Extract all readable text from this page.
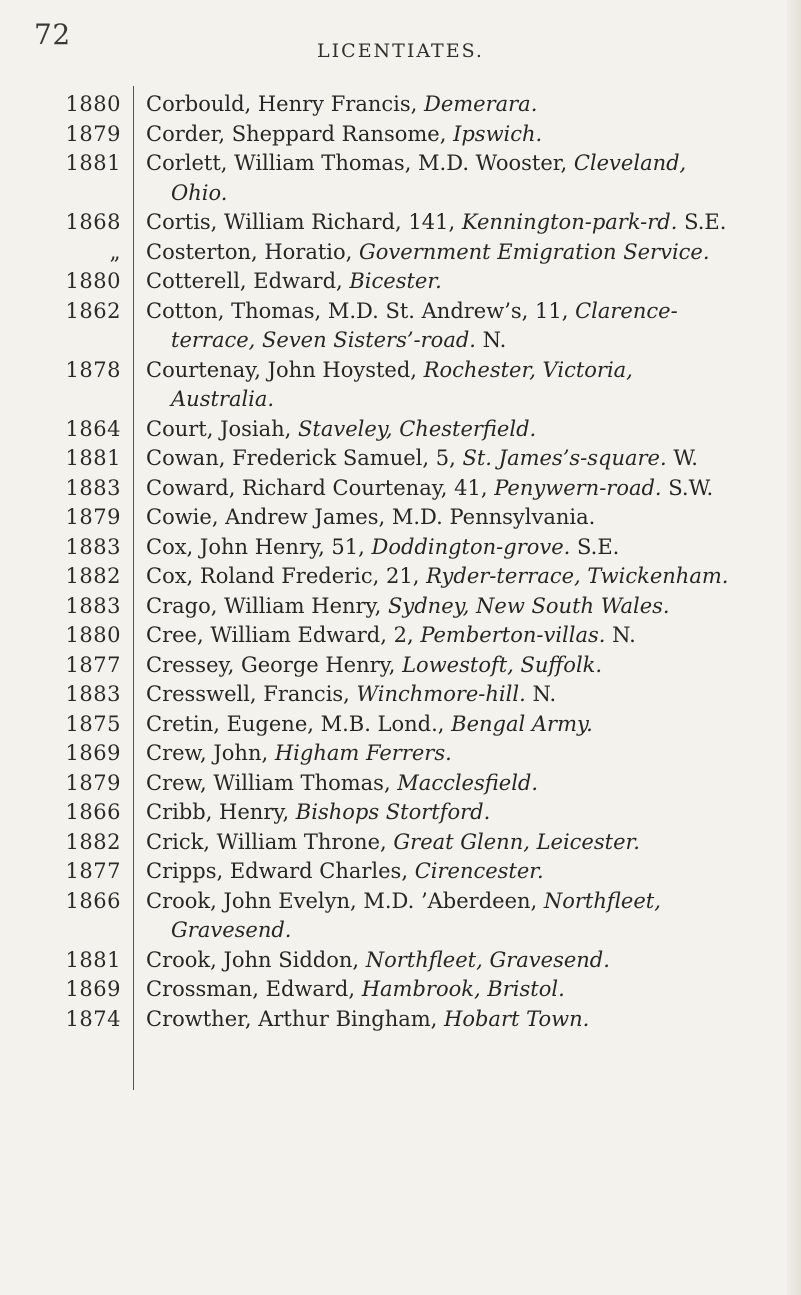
72	LICENTIATES.
1880 Corbould, Henry Francis, Demerara.
1879 Corder, Sheppard Ransome, Ipswich.
1881 Corlett, William Thomas, M.D. Wooster, Cleveland,
Ohio.
1868 Cortis, William Richard, 141, Kennington-park-rd. S.E.
„ Costerton, Horatio, Government Emigration Service.
1880 Cotterell, Edward, Bicester.
1862 Cotton, Thomas, M.D. St. Andrew’s, 11, Clarence-
terrace, Seven Sisters’-road. N.
1878 Courtenay, John Hoysted, Rochester, Victoria,
Australia.
1864 Court, Josiah, Staveley, Chesterfield.
1881 Cowan, Frederick Samuel, 5, St. James’s-square. W.
1883 Coward, Richard Courtenay, 41, Penywern-road. S.W.
1879 Cowie, Andrew James, M.D. Pennsylvania.
1883 Cox, John Henry, 51, Doddington-grove. S.E.
1882 Cox, Roland Frederic, 21, Ryder-terrace, Twickenham.
1883 Crago, William Henry, Sydney, New South Wales.
1880 Cree, William Edward, 2, Pemberton-villas. N.
1877 Cressey, George Henry, Lowestoft, Suffolk.
1883 Cresswell, Francis, Winchmore-hill. N.
1875 Cretin, Eugene, M.B. Lond., Bengal Army.
1869 Crew, John, Higham Ferrers.
1879 Crew, William Thomas, Macclesfield.
1866 Cribb, Henry, Bishops Stortford.
1882 Crick, William Throne, Great Glenn, Leicester.
1877 Cripps, Edward Charles, Cirencester.
1866 Crook, John Evelyn, M.D. ’Aberdeen, Northfleet,
Gravesend.
1881 Crook, John Siddon, Northfleet, Gravesend.
1869 Crossman, Edward, Hambrook, Bristol.
1874 Crowther, Arthur Bingham, Hobart Town.
